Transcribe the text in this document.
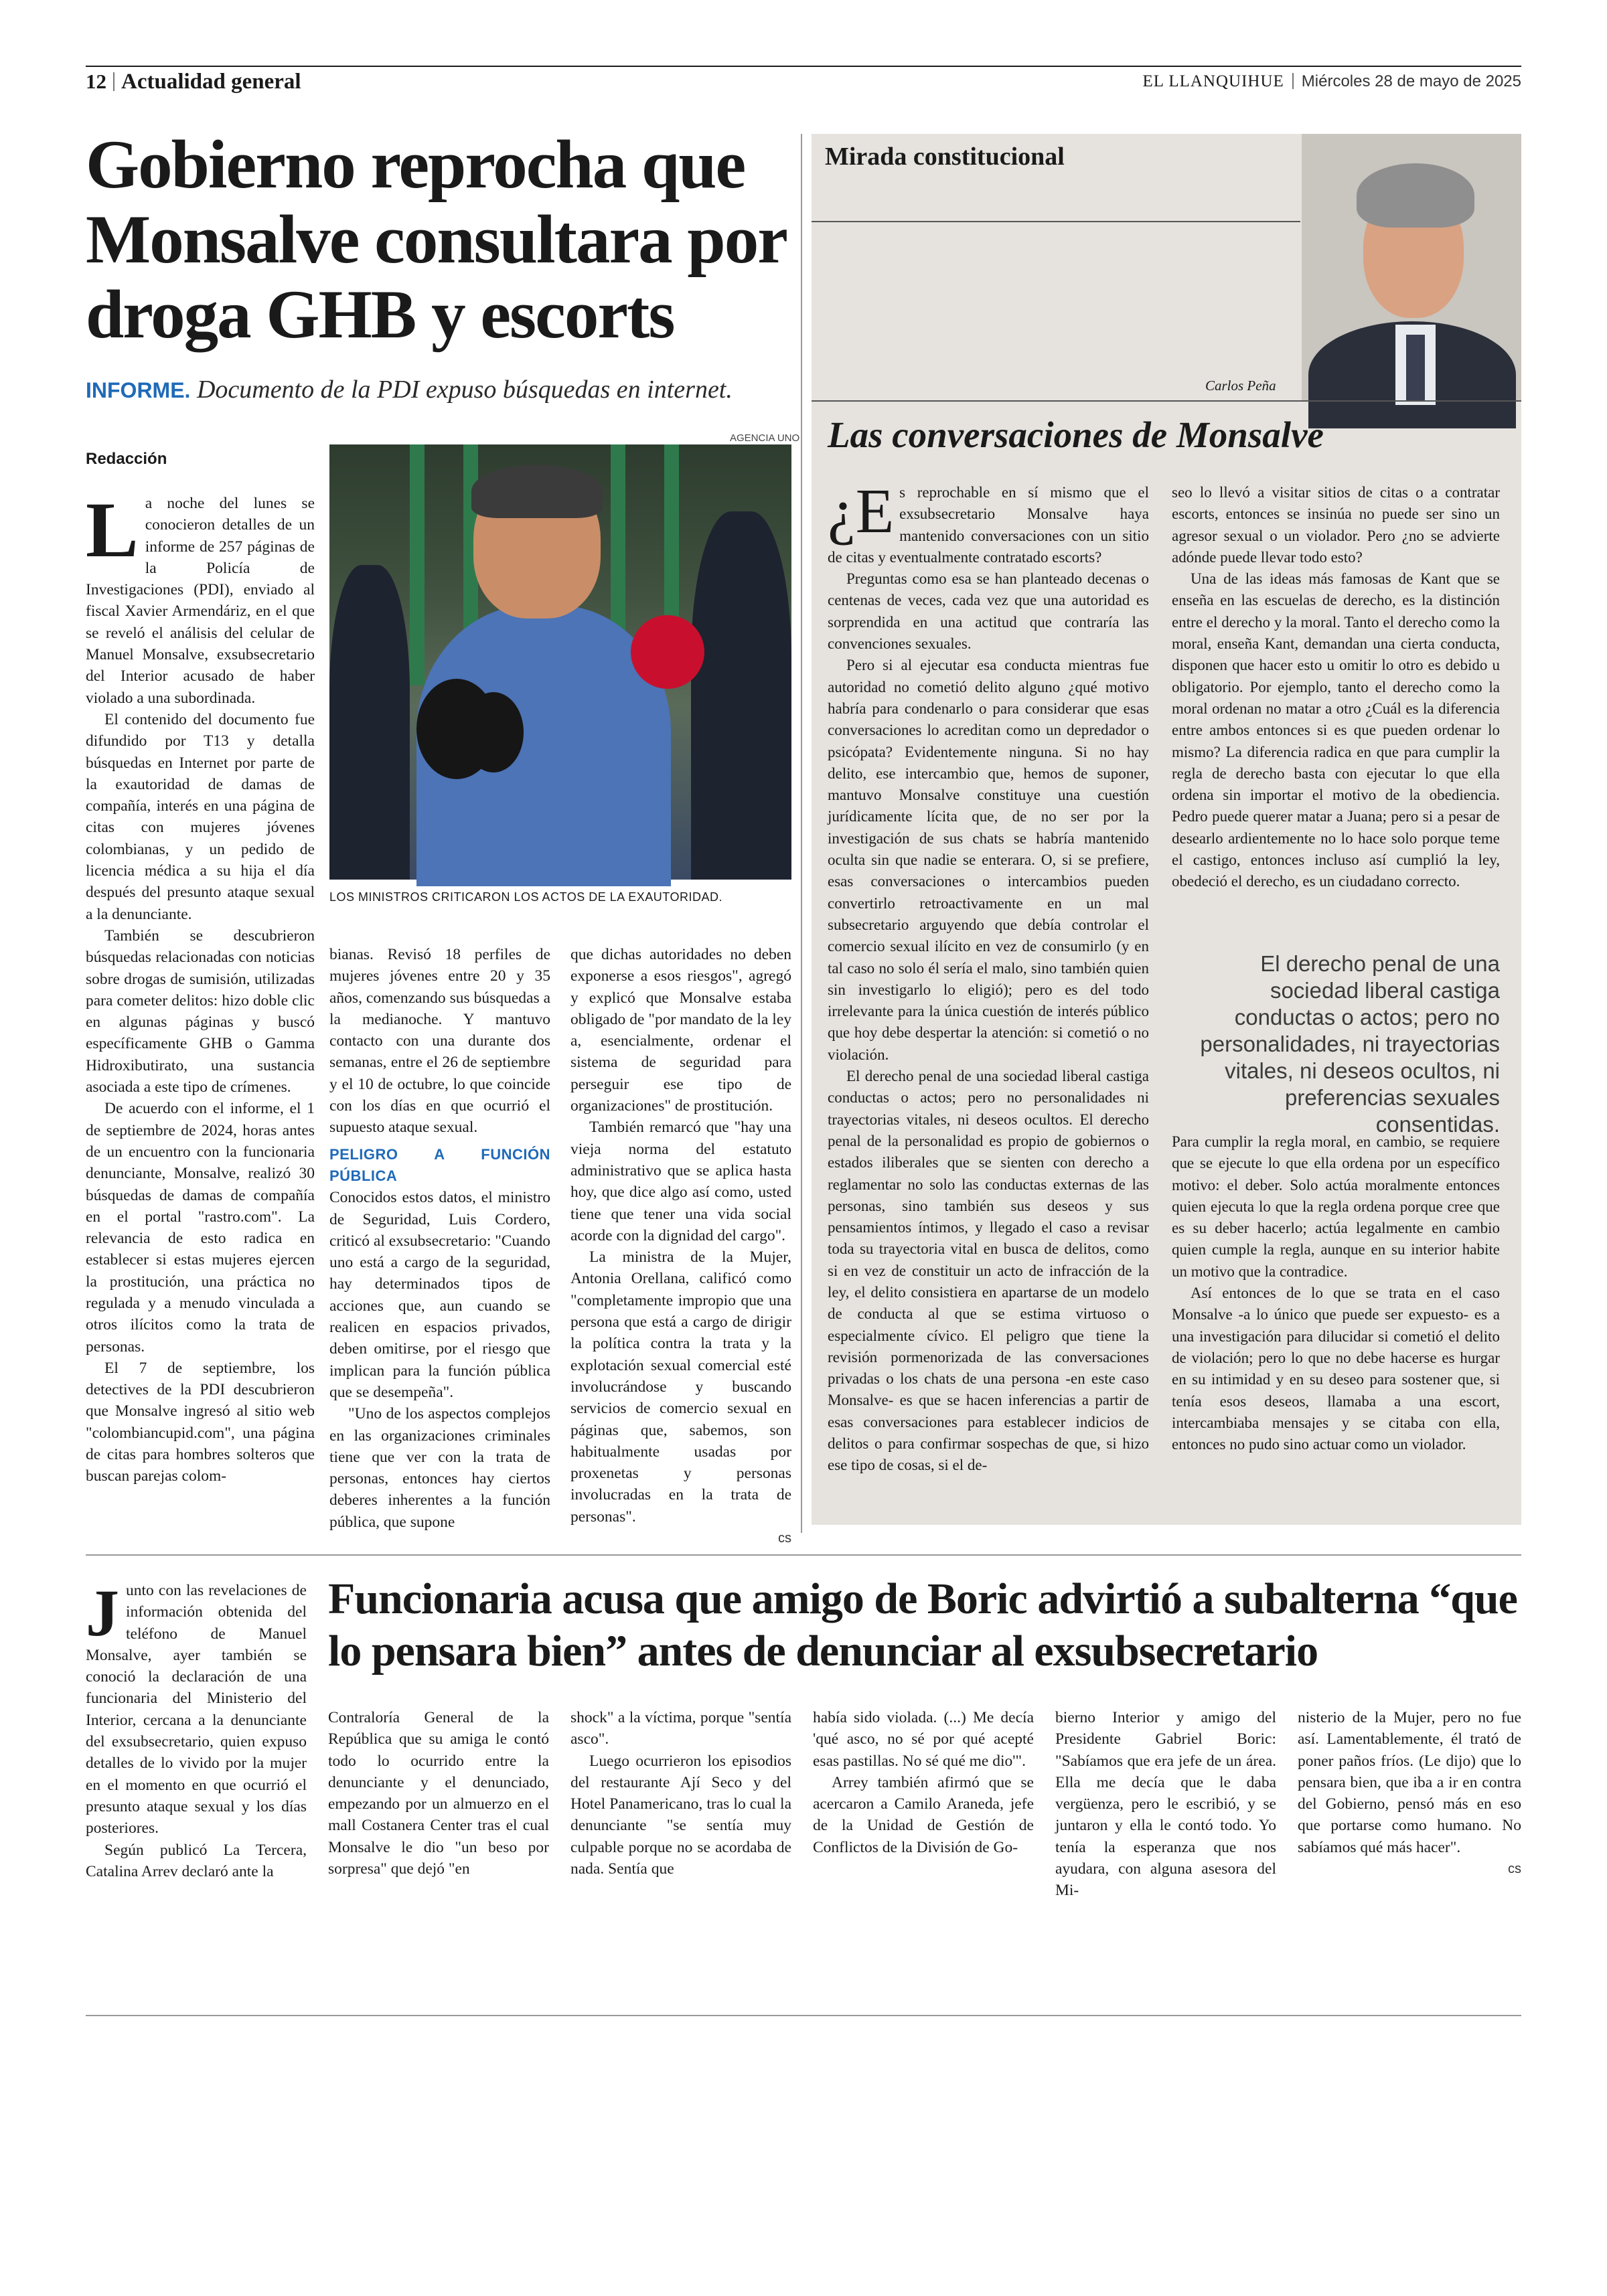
12 Actualidad general	EL LLANQUIHUE Miércoles 28 de mayo de 2025
Gobierno reprocha que Monsalve consultara por droga GHB y escorts
INFORME. Documento de la PDI expuso búsquedas en internet.
Redacción
L a noche del lunes se conocieron detalles de un informe de 257 páginas de la Policía de Investigaciones (PDI), enviado al fiscal Xavier Armendáriz, en el que se reveló el análisis del celular de Manuel Monsalve, exsubsecretario del Interior acusado de haber violado a una subordinada.

El contenido del documento fue difundido por T13 y detalla búsquedas en Internet por parte de la exautoridad de damas de compañía, interés en una página de citas con mujeres jóvenes colombianas, y un pedido de licencia médica a su hija el día después del presunto ataque sexual a la denunciante.

También se descubrieron búsquedas relacionadas con noticias sobre drogas de sumisión, utilizadas para cometer delitos: hizo doble clic en algunas páginas y buscó específicamente GHB o Gamma Hidroxibutirato, una sustancia asociada a este tipo de crímenes.

De acuerdo con el informe, el 1 de septiembre de 2024, horas antes de un encuentro con la funcionaria denunciante, Monsalve, realizó 30 búsquedas de damas de compañía en el portal "rastro.com". La relevancia de esto radica en establecer si estas mujeres ejercen la prostitución, una práctica no regulada y a menudo vinculada a otros ilícitos como la trata de personas.

El 7 de septiembre, los detectives de la PDI descubrieron que Monsalve ingresó al sitio web "colombiancupid.com", una página de citas para hombres solteros que buscan parejas colom-

AGENCIA UNO
LOS MINISTROS CRITICARON LOS ACTOS DE LA EXAUTORIDAD.

bianas. Revisó 18 perfiles de mujeres jóvenes entre 20 y 35 años, comenzando sus búsquedas a la medianoche. Y mantuvo contacto con una durante dos semanas, entre el 26 de septiembre y el 10 de octubre, lo que coincide con los días en que ocurrió el supuesto ataque sexual.

PELIGRO A FUNCIÓN PÚBLICA

Conocidos estos datos, el ministro de Seguridad, Luis Cordero, criticó al exsubsecretario: "Cuando uno está a cargo de la seguridad, hay determinados tipos de acciones que, aun cuando se realicen en espacios privados, deben omitirse, por el riesgo que implican para la función pública que se desempeña".

"Uno de los aspectos complejos en las organizaciones criminales tiene que ver con la trata de personas, entonces hay ciertos deberes inherentes a la función pública, que supone

que dichas autoridades no deben exponerse a esos riesgos", agregó y explicó que Monsalve estaba obligado de "por mandato de la ley a, esencialmente, ordenar el sistema de seguridad para perseguir ese tipo de organizaciones" de prostitución.

También remarcó que "hay una vieja norma del estatuto administrativo que se aplica hasta hoy, que dice algo así como, usted tiene que tener una vida social acorde con la dignidad del cargo".

La ministra de la Mujer, Antonia Orellana, calificó como "completamente impropio que una persona que está a cargo de dirigir la política contra la trata y la explotación sexual comercial esté involucrándose y buscando servicios de comercio sexual en páginas que, sabemos, son habitualmente usadas por proxenetas y personas involucradas en la trata de personas".

cs
Mirada constitucional
Carlos Peña
Las conversaciones de Monsalve
¿E s reprochable en sí mismo que el exsubsecretario Monsalve haya mantenido conversaciones con un sitio de citas y eventualmente contratado escorts?

Preguntas como esa se han planteado decenas o centenas de veces, cada vez que una autoridad es sorprendida en una actitud que contraría las convenciones sexuales.

Pero si al ejecutar esa conducta mientras fue autoridad no cometió delito alguno ¿qué motivo habría para condenarlo o para considerar que esas conversaciones lo acreditan como un depredador o psicópata? Evidentemente ninguna. Si no hay delito, ese intercambio que, hemos de suponer, mantuvo Monsalve constituye una cuestión jurídicamente lícita que, de no ser por la investigación de sus chats se habría mantenido oculta sin que nadie se enterara. O, si se prefiere, esas conversaciones o intercambios pueden convertirlo retroactivamente en un mal subsecretario arguyendo que debía controlar el comercio sexual ilícito en vez de consumirlo (y en tal caso no solo él sería el malo, sino también quien sin investigarlo lo eligió); pero es del todo irrelevante para la única cuestión de interés público que hoy debe despertar la atención: si cometió o no violación.

El derecho penal de una sociedad liberal castiga conductas o actos; pero no personalidades ni trayectorias vitales, ni deseos ocultos. El derecho penal de la personalidad es propio de gobiernos o estados iliberales que se sienten con derecho a reglamentar no solo las conductas externas de las personas, sino también sus deseos y sus pensamientos íntimos, y llegado el caso a revisar toda su trayectoria vital en busca de delitos, como si en vez de constituir un acto de infracción de la ley, el delito consistiera en apartarse de un modelo de conducta al que se estima virtuoso o especialmente cívico. El peligro que tiene la revisión pormenorizada de las conversaciones privadas o los chats de una persona -en este caso Monsalve- es que se hacen inferencias a partir de esas conversaciones para establecer indicios de delitos o para confirmar sospechas de que, si hizo ese tipo de cosas, si el de-

seo lo llevó a visitar sitios de citas o a contratar escorts, entonces se insinúa no puede ser sino un agresor sexual o un violador. Pero ¿no se advierte adónde puede llevar todo esto?

Una de las ideas más famosas de Kant que se enseña en las escuelas de derecho, es la distinción entre el derecho y la moral. Tanto el derecho como la moral, enseña Kant, demandan una cierta conducta, disponen que hacer esto u omitir lo otro es debido u obligatorio. Por ejemplo, tanto el derecho como la moral ordenan no matar a otro ¿Cuál es la diferencia entre ambos entonces si es que pueden ordenar lo mismo? La diferencia radica en que para cumplir la regla de derecho basta con ejecutar lo que ella ordena sin importar el motivo de la obediencia. Pedro puede querer matar a Juana; pero si a pesar de desearlo ardientemente no lo hace solo porque teme el castigo, entonces incluso así cumplió la ley, obedeció el derecho, es un ciudadano correcto.

El derecho penal de una sociedad liberal castiga conductas o actos; pero no personalidades, ni trayectorias vitales, ni deseos ocultos, ni preferencias sexuales consentidas.

Para cumplir la regla moral, en cambio, se requiere que se ejecute lo que ella ordena por un específico motivo: el deber. Solo actúa moralmente entonces quien ejecuta lo que la regla ordena porque cree que es su deber hacerlo; actúa legalmente en cambio quien cumple la regla, aunque en su interior habite un motivo que la contradice.

Así entonces de lo que se trata en el caso Monsalve -a lo único que puede ser expuesto- es a una investigación para dilucidar si cometió el delito de violación; pero lo que no debe hacerse es hurgar en su intimidad y en su deseo para sostener que, si tenía esos deseos, llamaba a una escort, intercambiaba mensajes y se citaba con ella, entonces no pudo sino actuar como un violador.

Funcionaria acusa que amigo de Boric advirtió a subalterna “que lo pensara bien” antes de denunciar al exsubsecretario
J unto con las revelaciones de información obtenida del teléfono de Manuel Monsalve, ayer también se conoció la declaración de una funcionaria del Ministerio del Interior, cercana a la denunciante del exsubsecretario, quien expuso detalles de lo vivido por la mujer en el momento en que ocurrió el presunto ataque sexual y los días posteriores.

Según publicó La Tercera, Catalina Arrev declaró ante la

Contraloría General de la República que su amiga le contó todo lo ocurrido entre la denunciante y el denunciado, empezando por un almuerzo en el mall Costanera Center tras el cual Monsalve le dio "un beso por sorpresa" que dejó "en

shock" a la víctima, porque "sentía asco".

Luego ocurrieron los episodios del restaurante Ají Seco y del Hotel Panamericano, tras lo cual la denunciante "se sentía muy culpable porque no se acordaba de nada. Sentía que

había sido violada. (...) Me decía 'qué asco, no sé por qué acepté esas pastillas. No sé qué me dio'".

Arrey también afirmó que se acercaron a Camilo Araneda, jefe de la Unidad de Gestión de Conflictos de la División de Go-

bierno Interior y amigo del Presidente Gabriel Boric: "Sabíamos que era jefe de un área. Ella me decía que le daba vergüenza, pero le escribió, y se juntaron y ella le contó todo. Yo tenía la esperanza que nos ayudara, con alguna asesora del Mi-

nisterio de la Mujer, pero no fue así. Lamentablemente, él trató de poner paños fríos. (Le dijo) que lo pensara bien, que iba a ir en contra del Gobierno, pensó más en eso que portarse como humano. No sabíamos qué más hacer".

cs
